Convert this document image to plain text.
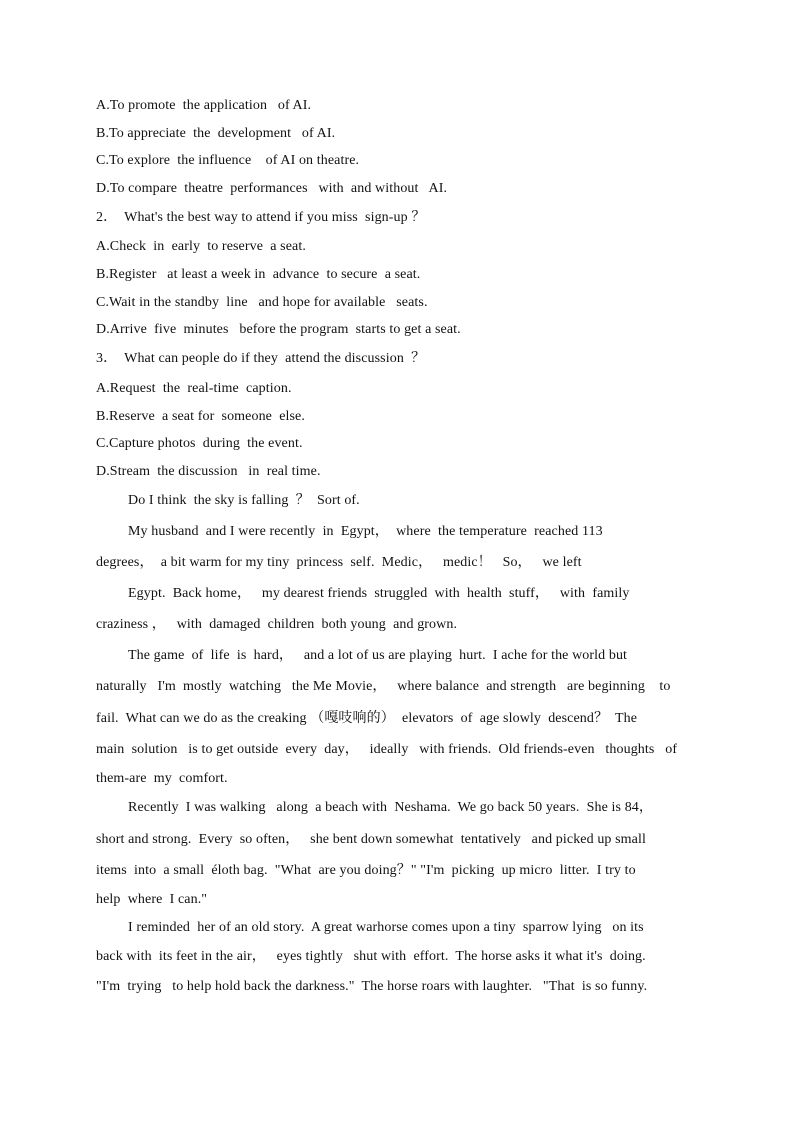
A.To promote  the application   of AI.
B.To appreciate  the  development   of AI.
C.To explore  the influence    of AI on theatre.
D.To compare  theatre  performances   with  and without   AI.
2．  What's the best way to attend if you miss  sign-up ？
A.Check  in  early  to reserve  a seat.
B.Register   at least a week in  advance  to secure  a seat.
C.Wait in the standby  line   and hope for available   seats.
D.Arrive  five  minutes   before the program  starts to get a seat.
3．  What can people do if they  attend the discussion  ？
A.Request  the  real-time  caption.
B.Reserve  a seat for  someone  else.
C.Capture photos  during  the event.
D.Stream  the discussion   in  real time.
Do I think  the sky is falling  ？  Sort of.
My husband  and I were recently  in  Egypt，  where  the temperature  reached 113
degrees，  a bit warm for my tiny  princess  self.  Medic，   medic！   So，   we left
Egypt.  Back home，   my dearest friends  struggled  with  health  stuff，   with  family
craziness ，   with  damaged  children  both young  and grown.
The game  of  life  is  hard，   and a lot of us are playing  hurt.  I ache for the world but
naturally   I'm  mostly  watching   the Me Movie，   where balance  and strength   are beginning    to
fail.  What can we do as the creaking （嘎吱响的）  elevators  of  age slowly  descend？  The
main  solution   is to get outside  every  day，   ideally   with friends.  Old friends-even   thoughts   of
them-are  my  comfort.
Recently  I was walking   along  a beach with  Neshama.  We go back 50 years.  She is 84，
short and strong.  Every  so often，   she bent down somewhat  tentatively   and picked up small
items  into  a small  éloth bag.  "What  are you doing？" "I'm  picking  up micro  litter.  I try to
help  where  I can."
I reminded  her of an old story.  A great warhorse comes upon a tiny  sparrow lying   on its
back with  its feet in the air，   eyes tightly   shut with  effort.  The horse asks it what it's  doing.
"I'm  trying   to help hold back the darkness."  The horse roars with laughter.   "That  is so funny.
